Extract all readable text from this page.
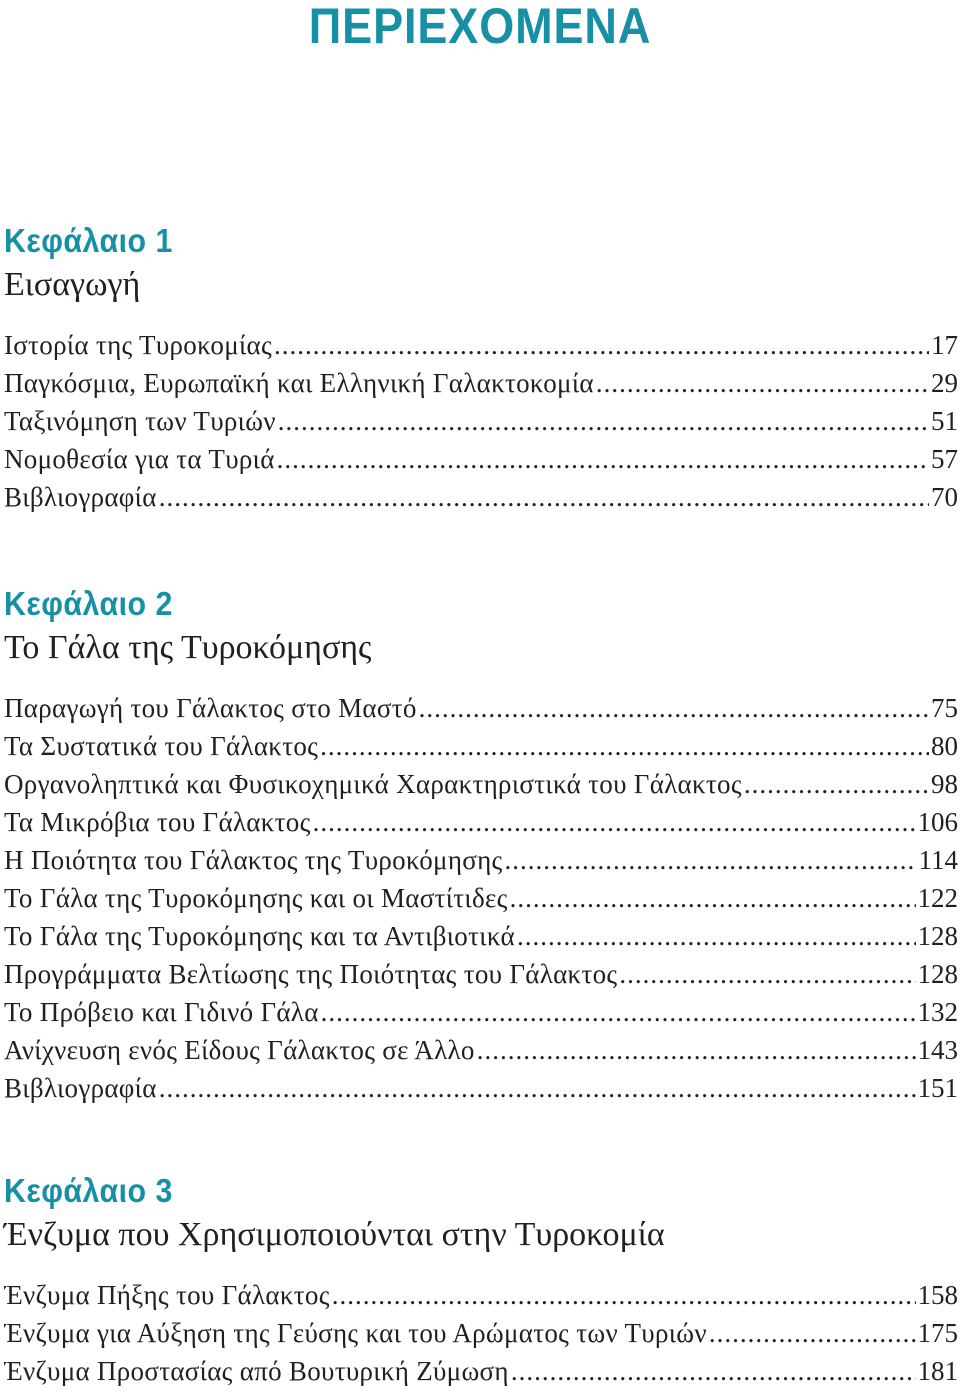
ΠΕΡΙΕΧΟΜΕΝΑ
Κεφάλαιο 1
Εισαγωγή
Ιστορία της Τυροκομίας .....	17
Παγκόσμια, Ευρωπαϊκή και Ελληνική Γαλακτοκομία .....	29
Ταξινόμηση των Τυριών .....	51
Νομοθεσία για τα Τυριά .....	57
Βιβλιογραφία .....	70
Κεφάλαιο 2
Το Γάλα της Τυροκόμησης
Παραγωγή του Γάλακτος στο Μαστό .....	75
Τα Συστατικά του Γάλακτος .....	80
Οργανοληπτικά και Φυσικοχημικά Χαρακτηριστικά του Γάλακτος .....	98
Τα Μικρόβια του Γάλακτος .....	106
Η Ποιότητα του Γάλακτος της Τυροκόμησης .....	114
Το Γάλα της Τυροκόμησης και οι Μαστίτιδες .....	122
Το Γάλα της Τυροκόμησης και τα Αντιβιοτικά .....	128
Προγράμματα Βελτίωσης της Ποιότητας του Γάλακτος .....	128
Το Πρόβειο και Γιδινό Γάλα .....	132
Ανίχνευση ενός Είδους Γάλακτος σε Άλλο .....	143
Βιβλιογραφία .....	151
Κεφάλαιο 3
Ένζυμα που Χρησιμοποιούνται στην Τυροκομία
Ένζυμα Πήξης του Γάλακτος .....	158
Ένζυμα για Αύξηση της Γεύσης και του Αρώματος των Τυριών .....	175
Ένζυμα Προστασίας από Βουτυρική Ζύμωση .....	181
